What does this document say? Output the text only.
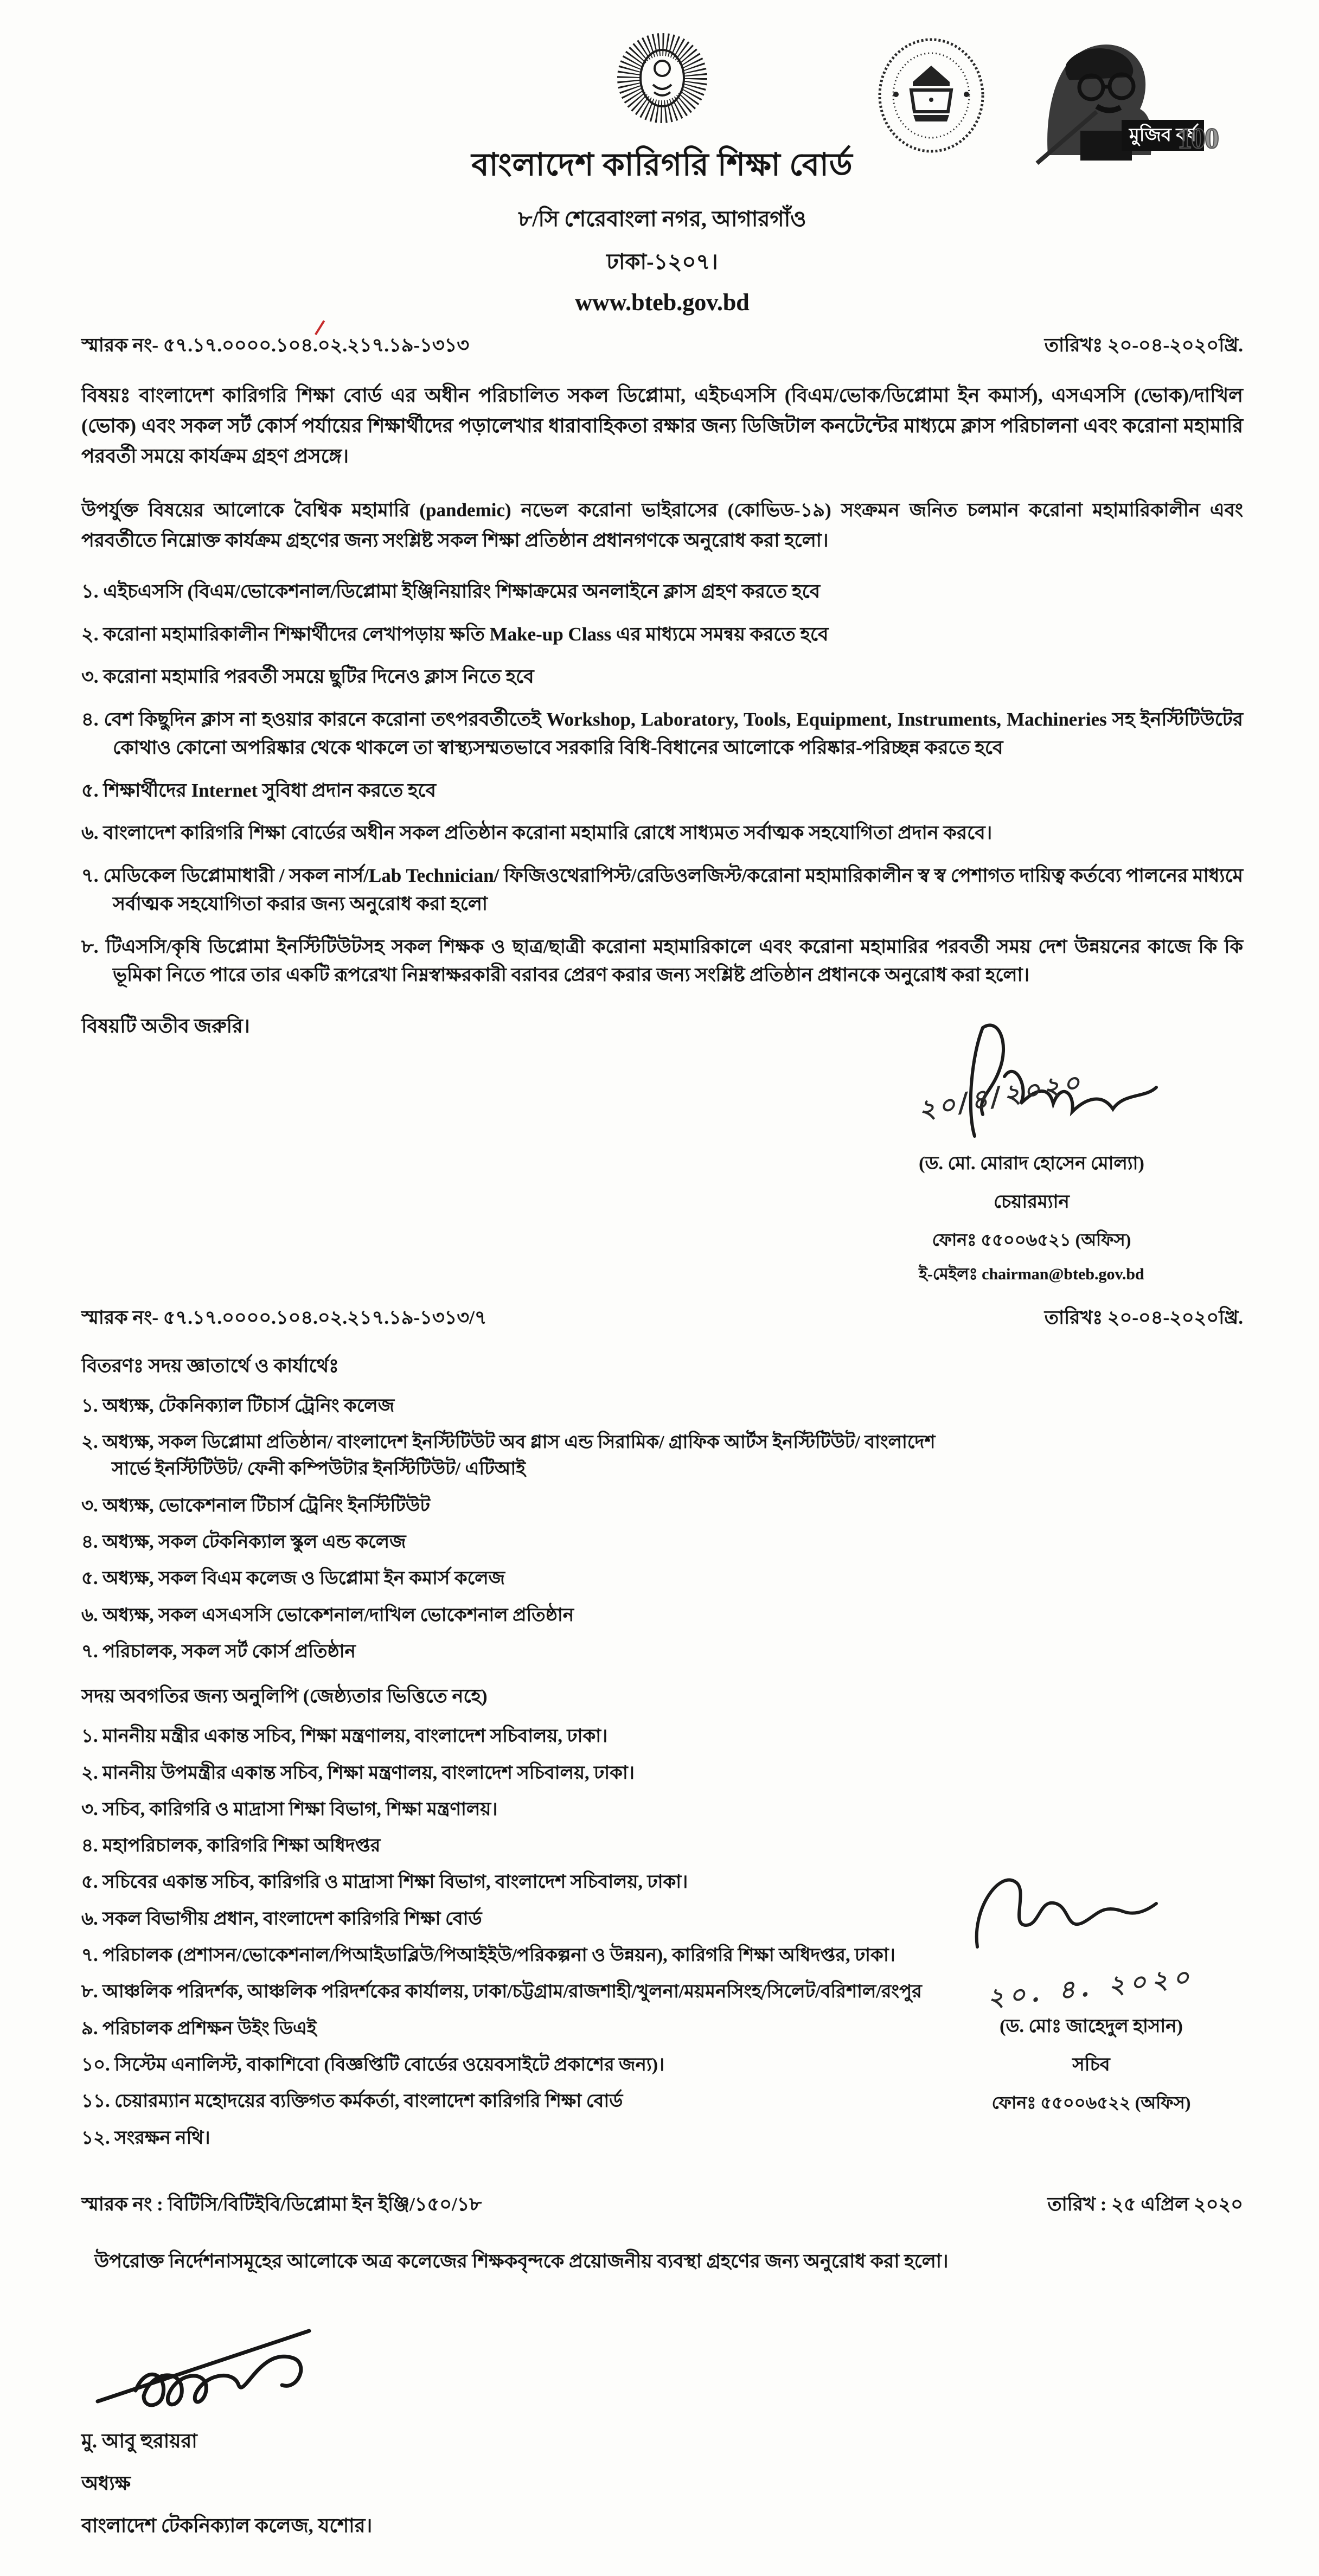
বাংলাদেশ কারিগরি শিক্ষা বোর্ড
৮/সি শেরেবাংলা নগর, আগারগাঁও
ঢাকা-১২০৭।
www.bteb.gov.bd
মুজিব বর্ষ
100
স্মারক নং- ৫৭.১৭.০০০০.১০৪.০২.২১৭.১৯-১৩১৩	তারিখঃ ২০-০৪-২০২০খ্রি.

বিষয়ঃ বাংলাদেশ কারিগরি শিক্ষা বোর্ড এর অধীন পরিচালিত সকল ডিপ্লোমা, এইচএসসি (বিএম/ভোক/ডিপ্লোমা ইন কমার্স), এসএসসি (ভোক)/দাখিল (ভোক) এবং সকল সর্ট কোর্স পর্যায়ের শিক্ষার্থীদের পড়ালেখার ধারাবাহিকতা রক্ষার জন্য ডিজিটাল কনটেন্টের মাধ্যমে ক্লাস পরিচালনা এবং করোনা মহামারি পরবর্তী সময়ে কার্যক্রম গ্রহণ প্রসঙ্গে।

উপর্যুক্ত বিষয়ের আলোকে বৈশ্বিক মহামারি (pandemic) নভেল করোনা ভাইরাসের (কোভিড-১৯) সংক্রমন জনিত চলমান করোনা মহামারিকালীন এবং পরবর্তীতে নিম্নোক্ত কার্যক্রম গ্রহণের জন্য সংশ্লিষ্ট সকল শিক্ষা প্রতিষ্ঠান প্রধানগণকে অনুরোধ করা হলো।

১. এইচএসসি (বিএম/ভোকেশনাল/ডিপ্লোমা ইঞ্জিনিয়ারিং শিক্ষাক্রমের অনলাইনে ক্লাস গ্রহণ করতে হবে
২. করোনা মহামারিকালীন শিক্ষার্থীদের লেখাপড়ায় ক্ষতি Make-up Class এর মাধ্যমে সমন্বয় করতে হবে
৩. করোনা মহামারি পরবর্তী সময়ে ছুটির দিনেও ক্লাস নিতে হবে
৪. বেশ কিছুদিন ক্লাস না হওয়ার কারনে করোনা তৎপরবর্তীতেই Workshop, Laboratory, Tools, Equipment, Instruments, Machineries সহ ইনস্টিটিউটের কোথাও কোনো অপরিষ্কার থেকে থাকলে তা স্বাস্থ্যসম্মতভাবে সরকারি বিধি-বিধানের আলোকে পরিষ্কার-পরিচ্ছন্ন করতে হবে
৫. শিক্ষার্থীদের Internet সুবিধা প্রদান করতে হবে
৬. বাংলাদেশ কারিগরি শিক্ষা বোর্ডের অধীন সকল প্রতিষ্ঠান করোনা মহামারি রোধে সাধ্যমত সর্বাত্মক সহযোগিতা প্রদান করবে।
৭. মেডিকেল ডিপ্লোমাধারী / সকল নার্স/Lab Technician/ ফিজিওথেরাপিস্ট/রেডিওলজিস্ট/করোনা মহামারিকালীন স্ব স্ব পেশাগত দায়িত্ব কর্তব্যে পালনের মাধ্যমে সর্বাত্মক সহযোগিতা করার জন্য অনুরোধ করা হলো
৮. টিএসসি/কৃষি ডিপ্লোমা ইনস্টিটিউটসহ সকল শিক্ষক ও ছাত্র/ছাত্রী করোনা মহামারিকালে এবং করোনা মহামারির পরবর্তী সময় দেশ উন্নয়নের কাজে কি কি ভূমিকা নিতে পারে তার একটি রূপরেখা নিম্নস্বাক্ষরকারী বরাবর প্রেরণ করার জন্য সংশ্লিষ্ট প্রতিষ্ঠান প্রধানকে অনুরোধ করা হলো।

বিষয়টি অতীব জরুরি।

২০/৪/২০২০
(ড. মো. মোরাদ হোসেন মোল্যা)
চেয়ারম্যান
ফোনঃ ৫৫০০৬৫২১ (অফিস)
ই-মেইলঃ chairman@bteb.gov.bd
স্মারক নং- ৫৭.১৭.০০০০.১০৪.০২.২১৭.১৯-১৩১৩/৭	তারিখঃ ২০-০৪-২০২০খ্রি.
বিতরণঃ সদয় জ্ঞাতার্থে ও কার্যার্থেঃ
১. অধ্যক্ষ, টেকনিক্যাল টিচার্স ট্রেনিং কলেজ
২. অধ্যক্ষ, সকল ডিপ্লোমা প্রতিষ্ঠান/ বাংলাদেশ ইনস্টিটিউট অব গ্লাস এন্ড সিরামিক/ গ্রাফিক আর্টস ইনস্টিটিউট/ বাংলাদেশ সার্ভে ইনস্টিটিউট/ ফেনী কম্পিউটার ইনস্টিটিউট/ এটিআই
৩. অধ্যক্ষ, ভোকেশনাল টিচার্স ট্রেনিং ইনস্টিটিউট
৪. অধ্যক্ষ, সকল টেকনিক্যাল স্কুল এন্ড কলেজ
৫. অধ্যক্ষ, সকল বিএম কলেজ ও ডিপ্লোমা ইন কমার্স কলেজ
৬. অধ্যক্ষ, সকল এসএসসি ভোকেশনাল/দাখিল ভোকেশনাল প্রতিষ্ঠান
৭. পরিচালক, সকল সর্ট কোর্স প্রতিষ্ঠান
সদয় অবগতির জন্য অনুলিপি (জেষ্ঠ্যতার ভিত্তিতে নহে)
১. মাননীয় মন্ত্রীর একান্ত সচিব, শিক্ষা মন্ত্রণালয়, বাংলাদেশ সচিবালয়, ঢাকা।
২. মাননীয় উপমন্ত্রীর একান্ত সচিব, শিক্ষা মন্ত্রণালয়, বাংলাদেশ সচিবালয়, ঢাকা।
৩. সচিব, কারিগরি ও মাদ্রাসা শিক্ষা বিভাগ, শিক্ষা মন্ত্রণালয়।
৪. মহাপরিচালক, কারিগরি শিক্ষা অধিদপ্তর
৫. সচিবের একান্ত সচিব, কারিগরি ও মাদ্রাসা শিক্ষা বিভাগ, বাংলাদেশ সচিবালয়, ঢাকা।
৬. সকল বিভাগীয় প্রধান, বাংলাদেশ কারিগরি শিক্ষা বোর্ড
৭. পরিচালক (প্রশাসন/ভোকেশনাল/পিআইডাব্লিউ/পিআইইউ/পরিকল্পনা ও উন্নয়ন), কারিগরি শিক্ষা অধিদপ্তর, ঢাকা।
৮. আঞ্চলিক পরিদর্শক, আঞ্চলিক পরিদর্শকের কার্যালয়, ঢাকা/চট্টগ্রাম/রাজশাহী/খুলনা/ময়মনসিংহ/সিলেট/বরিশাল/রংপুর
৯. পরিচালক প্রশিক্ষন উইং ডিএই
১০. সিস্টেম এনালিস্ট, বাকাশিবো (বিজ্ঞপ্তিটি বোর্ডের ওয়েবসাইটে প্রকাশের জন্য)।
১১. চেয়ারম্যান মহোদয়ের ব্যক্তিগত কর্মকর্তা, বাংলাদেশ কারিগরি শিক্ষা বোর্ড
১২. সংরক্ষন নথি।
২০. ৪. ২০২০
(ড. মোঃ জাহেদুল হাসান)
সচিব
ফোনঃ ৫৫০০৬৫২২ (অফিস)
স্মারক নং : বিটিসি/বিটিইবি/ডিপ্লোমা ইন ইঞ্জি/১৫০/১৮	তারিখ : ২৫ এপ্রিল ২০২০

উপরোক্ত নির্দেশনাসমূহের আলোকে অত্র কলেজের শিক্ষকবৃন্দকে প্রয়োজনীয় ব্যবস্থা গ্রহণের জন্য অনুরোধ করা হলো।

মু. আবু হুরায়রা
অধ্যক্ষ
বাংলাদেশ টেকনিক্যাল কলেজ, যশোর।
